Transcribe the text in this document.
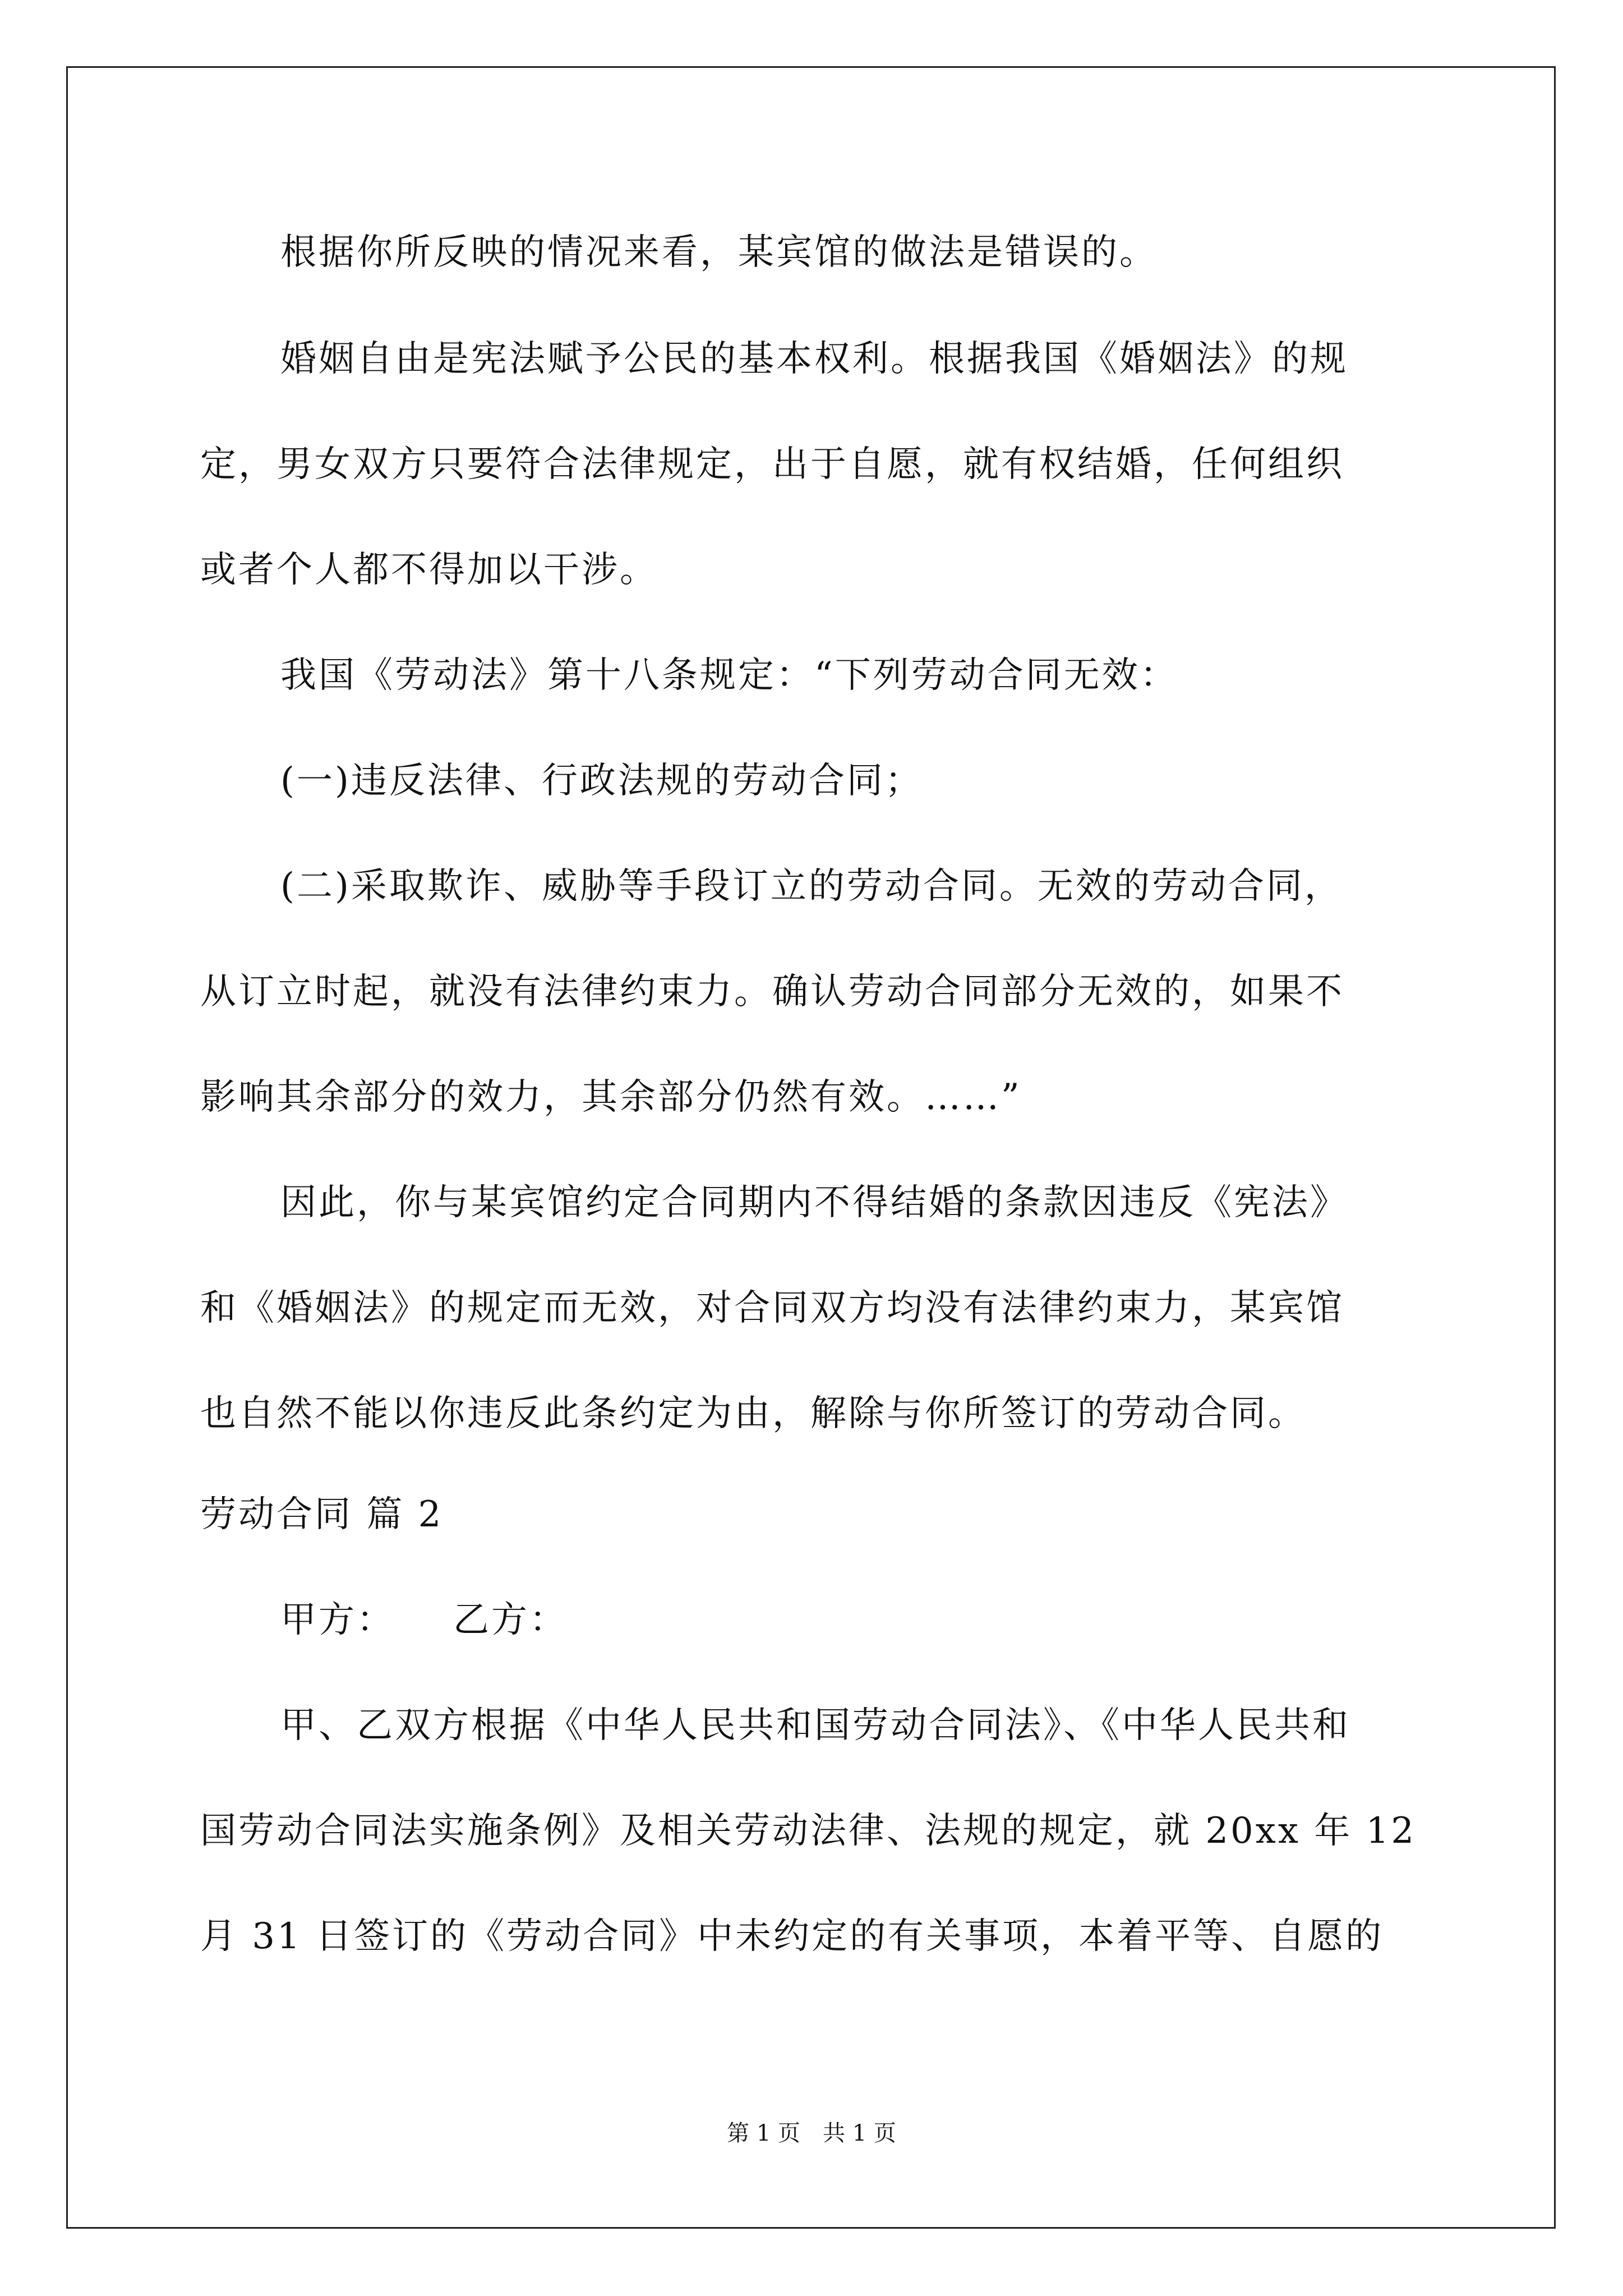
根据你所反映的情况来看，某宾馆的做法是错误的。
婚姻自由是宪法赋予公民的基本权利。根据我国《婚姻法》的规
定，男女双方只要符合法律规定，出于自愿，就有权结婚，任何组织
或者个人都不得加以干涉。
我国《劳动法》第十八条规定：“下列劳动合同无效：
(一)违反法律、行政法规的劳动合同；
(二)采取欺诈、威胁等手段订立的劳动合同。无效的劳动合同，
从订立时起，就没有法律约束力。确认劳动合同部分无效的，如果不
影响其余部分的效力，其余部分仍然有效。……”
因此，你与某宾馆约定合同期内不得结婚的条款因违反《宪法》
和《婚姻法》的规定而无效，对合同双方均没有法律约束力，某宾馆
也自然不能以你违反此条约定为由，解除与你所签订的劳动合同。
劳动合同 篇 2
甲方：　　乙方：
甲、乙双方根据《中华人民共和国劳动合同法》、《中华人民共和
国劳动合同法实施条例》及相关劳动法律、法规的规定，就 20xx 年 12
月 31 日签订的《劳动合同》中未约定的有关事项，本着平等、自愿的
第 1 页 共 1 页
